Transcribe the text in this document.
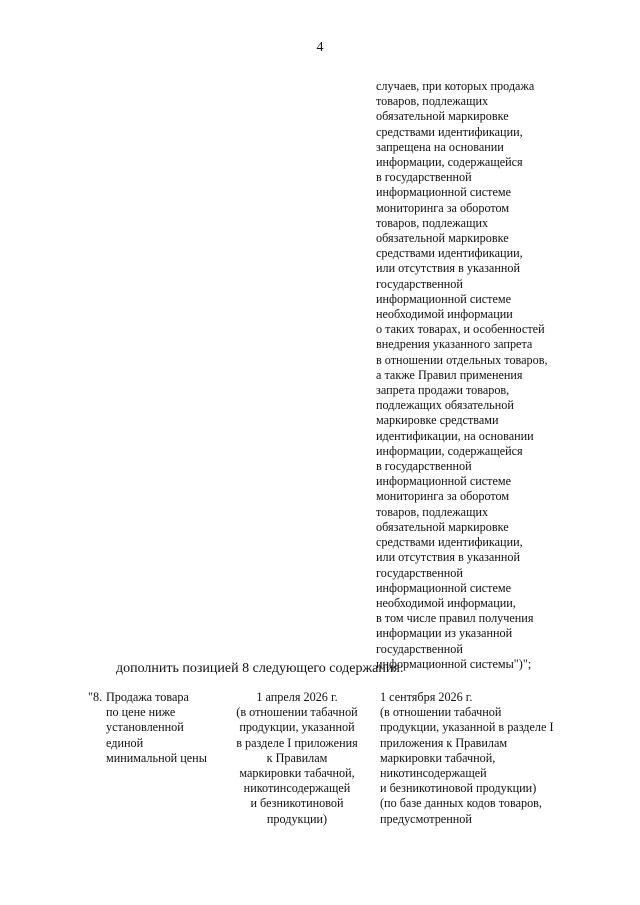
4
случаев, при которых продажа
товаров, подлежащих
обязательной маркировке
средствами идентификации,
запрещена на основании
информации, содержащейся
в государственной
информационной системе
мониторинга за оборотом
товаров, подлежащих
обязательной маркировке
средствами идентификации,
или отсутствия в указанной
государственной
информационной системе
необходимой информации
о таких товарах, и особенностей
внедрения указанного запрета
в отношении отдельных товаров,
а также Правил применения
запрета продажи товаров,
подлежащих обязательной
маркировке средствами
идентификации, на основании
информации, содержащейся
в государственной
информационной системе
мониторинга за оборотом
товаров, подлежащих
обязательной маркировке
средствами идентификации,
или отсутствия в указанной
государственной
информационной системе
необходимой информации,
в том числе правил получения
информации из указанной
государственной
информационной системы")";
дополнить позицией 8 следующего содержания:
"8. Продажа товара
по цене ниже
установленной
единой
минимальной цены
1 апреля 2026 г.
(в отношении табачной
продукции, указанной
в разделе I приложения
к Правилам
маркировки табачной,
никотинсодержащей
и безникотиновой
продукции)
1 сентября 2026 г.
(в отношении табачной
продукции, указанной в разделе I
приложения к Правилам
маркировки табачной,
никотинсодержащей
и безникотиновой продукции)
(по базе данных кодов товаров,
предусмотренной
